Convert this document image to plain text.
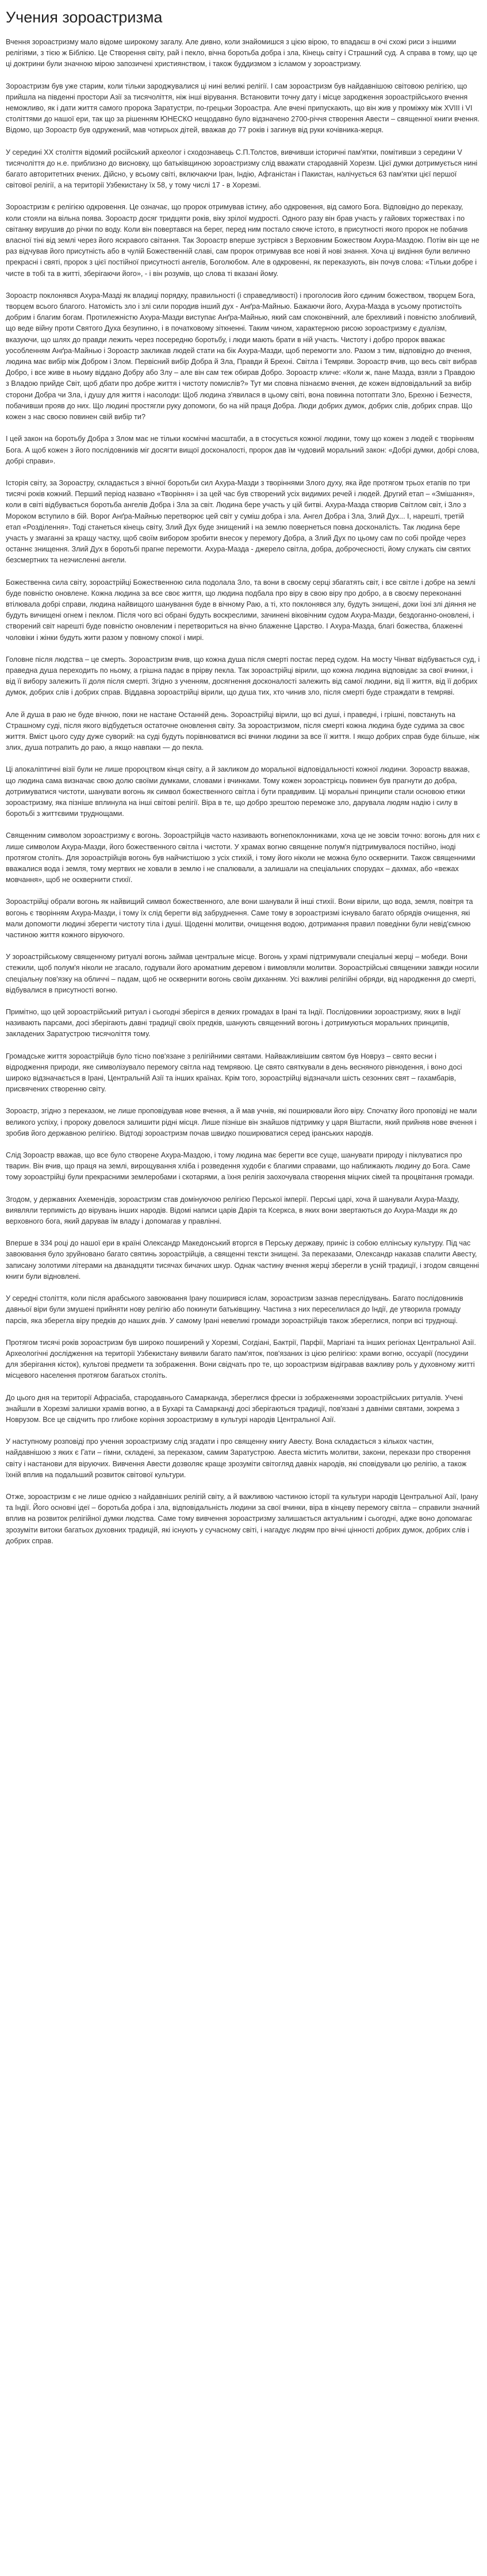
Учения зороастризма

Вчення зороастризму мало відоме широкому загалу. Але дивно, коли знайомишся з цією вірою, то впадаєш в очі схожі риси з іншими релігіями, з тією ж Біблією. Це Створення світу, рай і пекло, вічна боротьба добра і зла, Кінець світу і Страшний суд. А справа в тому, що це ці доктрини були значною мірою запозичені християнством, і також буддизмом з ісламом у зороастризму.

Зороастризм був уже старим, коли тільки зароджувалися ці нині великі релігії. І сам зороастризм був найдавнішою світовою релігією, що прийшла на південні простори Азії за тисячоліття, ніж інші вірування. Встановити точну дату і місце зародження зороастрійського вчення неможливо, як і дати життя самого пророка Заратустри, по-грецьки Зороастра. Але вчені припускають, що він жив у проміжку між XVIII і VI століттями до нашої ери, так що за рішенням ЮНЕСКО нещодавно було відзначено 2700-річчя створення Авести – священної книги вчення. Відомо, що Зороастр був одружений, мав чотирьох дітей, вважав до 77 років і загинув від руки кочівника-жерця.

У середині XX століття відомий російський археолог і сходознавець С.П.Толстов, вивчивши історичні пам'ятки, помітивши з середини V тисячоліття до н.е. приблизно до висновку, що батьківщиною зороастризму слід вважати стародавній Хорезм. Цієї думки дотримується нині багато авторитетних вчених. Дійсно, у всьому світі, включаючи Іран, Індію, Афганістан і Пакистан, налічується 63 пам'ятки цієї першої світової релігії, а на території Узбекистану їх 58, у тому числі 17 - в Хорезмі.

Зороастризм є релігією одкровення. Це означає, що пророк отримував істину, або одкровення, від самого Бога. Відповідно до переказу, коли стояли на вільна поява. Зороастр досяг тридцяти років, віку зрілої мудрості. Одного разу він брав участь у гайових торжествах і по світанку вирушив до річки по воду. Коли він повертався на берег, перед ним постало сяюче істото, в присутності якого пророк не побачив власної тіні від землі через його яскравого світання. Так Зороастр вперше зустрівся з Верховним Божеством Ахура-Маздою. Потім він ще не раз відчував його присутність або в чулій Божественній славі, сам пророк отримував все нові й нові знання. Хоча ці видіння були велично прекрасні і святі, пророк з цієї постійної присутності ангелів, Боголюбом. Але в одкровенні, як переказують, він почув слова: «Тільки добре і чисте в тобі та в житті, зберігаючи його», - і він розумів, що слова ті вказані йому.

Зороастр поклонявся Ахура-Мазді як владиці порядку, правильності (і справедливості) і проголосив його єдиним божеством, творцем Бога, творцем всього благого. Натомість зло і злі сили породив інший дух - Анґра-Майнью. Бажаючи його, Ахура-Мазда в усьому протистоїть добрим і благим богам. Протилежністю Ахура-Мазди виступає Анґра-Майнью, який сам споконвічний, але брехливий і повністю злобливий, що веде війну проти Святого Духа безупинно, і в початковому зіткненні. Таким чином, характерною рисою зороастризму є дуалізм, вказуючи, що шлях до правди лежить через посередню боротьбу, і люди мають брати в ній участь. Чистоту і добро пророк вважає уособленням Анґра-Майнью і Зороастр закликав людей стати на бік Ахура-Мазди, щоб перемогти зло. Разом з тим, відповідно до вчення, людина має вибір між Добром і Злом. Первісний вибір Добра й Зла, Правди й Брехні. Світла і Темряви. Зороастр вчив, що весь світ вибрав Добро, і все живе в ньому віддано Добру або Злу – але він сам теж обирав Добро. Зороастр кличе: «Коли ж, пане Мазда, взяли з Правдою з Владою прийде Світ, щоб дбати про добре життя і чистоту помислів?» Тут ми сповна пізнаємо вчення, де кожен відповідальний за вибір сторони Добра чи Зла, і душу для життя і насолоди: Щоб людина з'явилася в цьому світі, вона повинна потоптати Зло, Брехню і Безчестя, побачивши прояв до них. Що людині простягли руку допомоги, бо на ній праця Добра. Люди добрих думок, добрих слів, добрих справ. Що кожен з нас своєю повинен свій вибір ти?

І цей закон на боротьбу Добра з Злом має не тільки космічні масштаби, а в стосується кожної людини, тому що кожен з людей є творінням Бога. А щоб кожен з його послідовників міг досягти вищої досконалості, пророк дав їм чудовий моральний закон: «Добрі думки, добрі слова, добрі справи».

Історія світу, за Зороастру, складається з вічної боротьби сил Ахура-Мазди з творіннями Злого духу, яка йде протягом трьох етапів по три тисячі років кожний. Перший період названо «Творіння» і за цей час був створений усіх видимих речей і людей. Другий етап – «Змішання», коли в світі відбувається боротьба ангелів Добра і Зла за світ. Людина бере участь у цій битві. Ахура-Мазда створив Світлом світ, і Зло з Мороком вступило в бій. Ворог Анґра-Майнью перетворює цей світ у суміш добра і зла. Ангел Добра і Зла, Злий Дух... І, нарешті, третій етап «Розділення». Тоді станеться кінець світу, Злий Дух буде знищений і на землю повернеться повна досконалість. Так людина бере участь у змаганні за кращу частку, щоб своїм вибором зробити внесок у перемогу Добра, а Злий Дух по цьому сам по собі пройде через останнє знищення. Злий Дух в боротьбі прагне перемогти. Ахура-Мазда - джерело світла, добра, доброчесності, йому служать сім святих безсмертних та незчисленні ангели.

Божественна сила світу, зороастрійці Божественною сила подолала Зло, та вони в своєму серці збагатять світ, і все світле і добре на землі буде повністю оновлене. Кожна людина за все своє життя, що людина подбала про віру в свою віру про добро, а в своєму переконанні втілювала добрі справи, людина найвищого шанування буде в вічному Раю, а ті, хто поклонявся злу, будуть знищені, доки їхні злі діяння не будуть вичищені огнем і пеклом. Після чого всі обрані будуть воскреслими, зачинені віковічним судом Ахура-Мазди, бездоганно-оновлені, і створений світ нарешті буде повністю оновленим і перетвориться на вічно блаженне Царство. І Ахура-Мазда, благі божества, блаженні чоловіки і жінки будуть жити разом у повному спокої і мирі.

Головне після людства – це смерть. Зороастризм вчив, що кожна душа після смерті постає перед судом. На мосту Чінват відбувається суд, і праведна душа переходить по ньому, а грішна падає в прірву пекла. Так зороастрійці вірили, що кожна людина відповідає за свої вчинки, і від її вибору залежить її доля після смерті. Згідно з ученням, досягнення досконалості залежить від самої людини, від її життя, від її добрих думок, добрих слів і добрих справ. Віддавна зороастрійці вірили, що душа тих, хто чинив зло, після смерті буде страждати в темряві.

Але й душа в раю не буде вічною, поки не настане Останній день. Зороастрійці вірили, що всі душі, і праведні, і грішні, повстануть на Страшному суді, після якого відбудеться остаточне оновлення світу. За зороастризмом, після смерті кожна людина буде судима за своє життя. Вміст цього суду дуже суворий: на суді будуть порівнюватися всі вчинки людини за все її життя. І якщо добрих справ буде більше, ніж злих, душа потрапить до раю, а якщо навпаки — до пекла.

Ці апокаліптичні візії були не лише пророцтвом кінця світу, а й закликом до моральної відповідальності кожної людини. Зороастр вважав, що людина сама визначає свою долю своїми думками, словами і вчинками. Тому кожен зороастрієць повинен був прагнути до добра, дотримуватися чистоти, шанувати вогонь як символ божественного світла і бути правдивим. Ці моральні принципи стали основою етики зороастризму, яка пізніше вплинула на інші світові релігії. Віра в те, що добро зрештою переможе зло, дарувала людям надію і силу в боротьбі з життєвими труднощами.

Священним символом зороастризму є вогонь. Зороастрійців часто називають вогнепоклонниками, хоча це не зовсім точно: вогонь для них є лише символом Ахура-Мазди, його божественного світла і чистоти. У храмах вогню священне полум'я підтримувалося постійно, іноді протягом століть. Для зороастрійців вогонь був найчистішою з усіх стихій, і тому його ніколи не можна було осквернити. Також священними вважалися вода і земля, тому мертвих не ховали в землю і не спалювали, а залишали на спеціальних спорудах – дахмах, або «вежах мовчання», щоб не осквернити стихії.

Зороастрійці обрали вогонь як найвищий символ божественного, але вони шанували й інші стихії. Вони вірили, що вода, земля, повітря та вогонь є творінням Ахура-Мазди, і тому їх слід берегти від забруднення. Саме тому в зороастризмі існувало багато обрядів очищення, які мали допомогти людині зберегти чистоту тіла і душі. Щоденні молитви, очищення водою, дотримання правил поведінки були невід'ємною частиною життя кожного віруючого.

У зороастрійському священному ритуалі вогонь займав центральне місце. Вогонь у храмі підтримували спеціальні жерці – мобеди. Вони стежили, щоб полум'я ніколи не згасало, годували його ароматним деревом і вимовляли молитви. Зороастрійські священики завжди носили спеціальну пов'язку на обличчі – падам, щоб не осквернити вогонь своїм диханням. Усі важливі релігійні обряди, від народження до смерті, відбувалися в присутності вогню.

Примітно, що цей зороастрійський ритуал і сьогодні зберігся в деяких громадах в Ірані та Індії. Послідовники зороастризму, яких в Індії називають парсами, досі зберігають давні традиції своїх предків, шанують священний вогонь і дотримуються моральних принципів, закладених Заратустрою тисячоліття тому.

Громадське життя зороастрійців було тісно пов'язане з релігійними святами. Найважливішим святом був Новруз – свято весни і відродження природи, яке символізувало перемогу світла над темрявою. Це свято святкували в день весняного рівнодення, і воно досі широко відзначається в Ірані, Центральній Азії та інших країнах. Крім того, зороастрійці відзначали шість сезонних свят – гахамбарів, присвячених створенню світу.

Зороастр, згідно з переказом, не лише проповідував нове вчення, а й мав учнів, які поширювали його віру. Спочатку його проповіді не мали великого успіху, і пророку довелося залишити рідні місця. Лише пізніше він знайшов підтримку у царя Віштаспи, який прийняв нове вчення і зробив його державною релігією. Відтоді зороастризм почав швидко поширюватися серед іранських народів.

Слід Зороастр вважав, що все було створене Ахура-Маздою, і тому людина має берегти все суще, шанувати природу і піклуватися про тварин. Він вчив, що праця на землі, вирощування хліба і розведення худоби є благими справами, що наближають людину до Бога. Саме тому зороастрійці були прекрасними землеробами і скотарями, а їхня релігія заохочувала створення міцних сімей та процвітання громади.

Згодом, у державних Ахеменідів, зороастризм став домінуючою релігією Перської імперії. Перські царі, хоча й шанували Ахура-Мазду, виявляли терпимість до вірувань інших народів. Відомі написи царів Дарія та Ксеркса, в яких вони звертаються до Ахура-Мазди як до верховного бога, який дарував їм владу і допомагав у правлінні.

Вперше в 334 році до нашої ери в країні Олександр Македонський вторгся в Перську державу, приніс із собою еллінську культуру. Під час завоювання було зруйновано багато святинь зороастрійців, а священні тексти знищені. За переказами, Олександр наказав спалити Авесту, записану золотими літерами на дванадцяти тисячах бичачих шкур. Однак частину вчення жерці зберегли в усній традиції, і згодом священні книги були відновлені.

У середні століття, коли після арабського завоювання Ірану поширився іслам, зороастризм зазнав переслідувань. Багато послідовників давньої віри були змушені прийняти нову релігію або покинути батьківщину. Частина з них переселилася до Індії, де утворила громаду парсів, яка зберегла віру предків до наших днів. У самому Ірані невеликі громади зороастрійців також збереглися, попри всі труднощі.

Протягом тисячі років зороастризм був широко поширений у Хорезмі, Согдіані, Бактрії, Парфії, Маргіані та інших регіонах Центральної Азії. Археологічні дослідження на території Узбекистану виявили багато пам'яток, пов'язаних із цією релігією: храми вогню, оссуарії (посудини для зберігання кісток), культові предмети та зображення. Вони свідчать про те, що зороастризм відігравав важливу роль у духовному житті місцевого населення протягом багатьох століть.

До цього дня на території Афрасіаба, стародавнього Самарканда, збереглися фрески із зображеннями зороастрійських ритуалів. Учені знайшли в Хорезмі залишки храмів вогню, а в Бухарі та Самарканді досі зберігаються традиції, пов'язані з давніми святами, зокрема з Новрузом. Все це свідчить про глибоке коріння зороастризму в культурі народів Центральної Азії.

У наступному розповіді про учення зороастризму слід згадати і про священну книгу Авесту. Вона складається з кількох частин, найдавнішою з яких є Гати – гімни, складені, за переказом, самим Заратустрою. Авеста містить молитви, закони, перекази про створення світу і настанови для віруючих. Вивчення Авести дозволяє краще зрозуміти світогляд давніх народів, які сповідували цю релігію, а також їхній вплив на подальший розвиток світової культури.

Отже, зороастризм є не лише однією з найдавніших релігій світу, а й важливою частиною історії та культури народів Центральної Азії, Ірану та Індії. Його основні ідеї – боротьба добра і зла, відповідальність людини за свої вчинки, віра в кінцеву перемогу світла – справили значний вплив на розвиток релігійної думки людства. Саме тому вивчення зороастризму залишається актуальним і сьогодні, адже воно допомагає зрозуміти витоки багатьох духовних традицій, які існують у сучасному світі, і нагадує людям про вічні цінності добрих думок, добрих слів і добрих справ.
